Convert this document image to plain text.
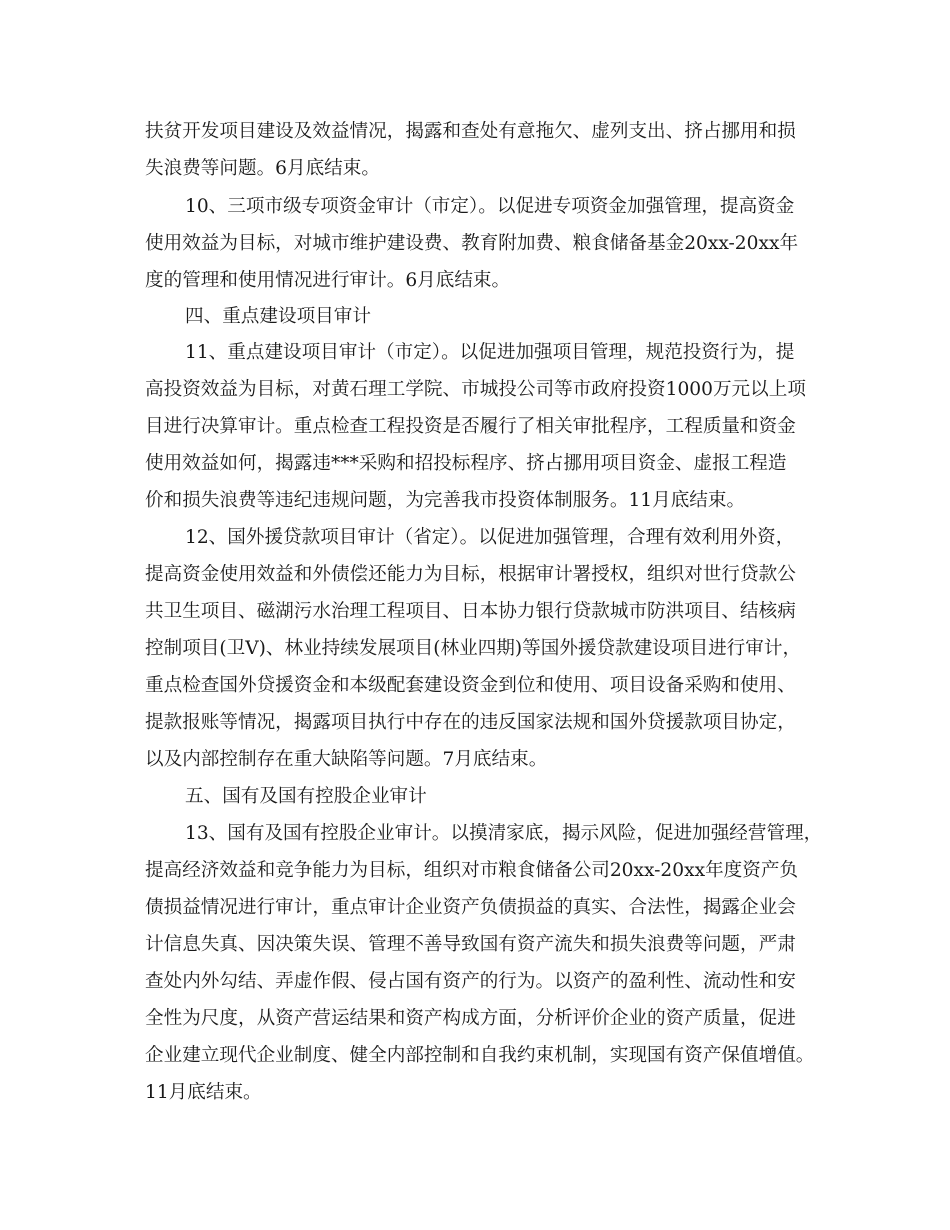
扶贫开发项目建设及效益情况，揭露和查处有意拖欠、虚列支出、挤占挪用和损
失浪费等问题。6月底结束。
10、三项市级专项资金审计（市定）。以促进专项资金加强管理，提高资金
使用效益为目标，对城市维护建设费、教育附加费、粮食储备基金20xx-20xx年
度的管理和使用情况进行审计。6月底结束。
四、重点建设项目审计
11、重点建设项目审计（市定）。以促进加强项目管理，规范投资行为，提
高投资效益为目标，对黄石理工学院、市城投公司等市政府投资1000万元以上项
目进行决算审计。重点检查工程投资是否履行了相关审批程序，工程质量和资金
使用效益如何，揭露违***采购和招投标程序、挤占挪用项目资金、虚报工程造
价和损失浪费等违纪违规问题，为完善我市投资体制服务。11月底结束。
12、国外援贷款项目审计（省定）。以促进加强管理，合理有效利用外资，
提高资金使用效益和外债偿还能力为目标，根据审计署授权，组织对世行贷款公
共卫生项目、磁湖污水治理工程项目、日本协力银行贷款城市防洪项目、结核病
控制项目(卫Ⅴ)、林业持续发展项目(林业四期)等国外援贷款建设项目进行审计，
重点检查国外贷援资金和本级配套建设资金到位和使用、项目设备采购和使用、
提款报账等情况，揭露项目执行中存在的违反国家法规和国外贷援款项目协定，
以及内部控制存在重大缺陷等问题。7月底结束。
五、国有及国有控股企业审计
13、国有及国有控股企业审计。以摸清家底，揭示风险，促进加强经营管理，
提高经济效益和竞争能力为目标，组织对市粮食储备公司20xx-20xx年度资产负
债损益情况进行审计，重点审计企业资产负债损益的真实、合法性，揭露企业会
计信息失真、因决策失误、管理不善导致国有资产流失和损失浪费等问题，严肃
查处内外勾结、弄虚作假、侵占国有资产的行为。以资产的盈利性、流动性和安
全性为尺度，从资产营运结果和资产构成方面，分析评价企业的资产质量，促进
企业建立现代企业制度、健全内部控制和自我约束机制，实现国有资产保值增值。
11月底结束。
